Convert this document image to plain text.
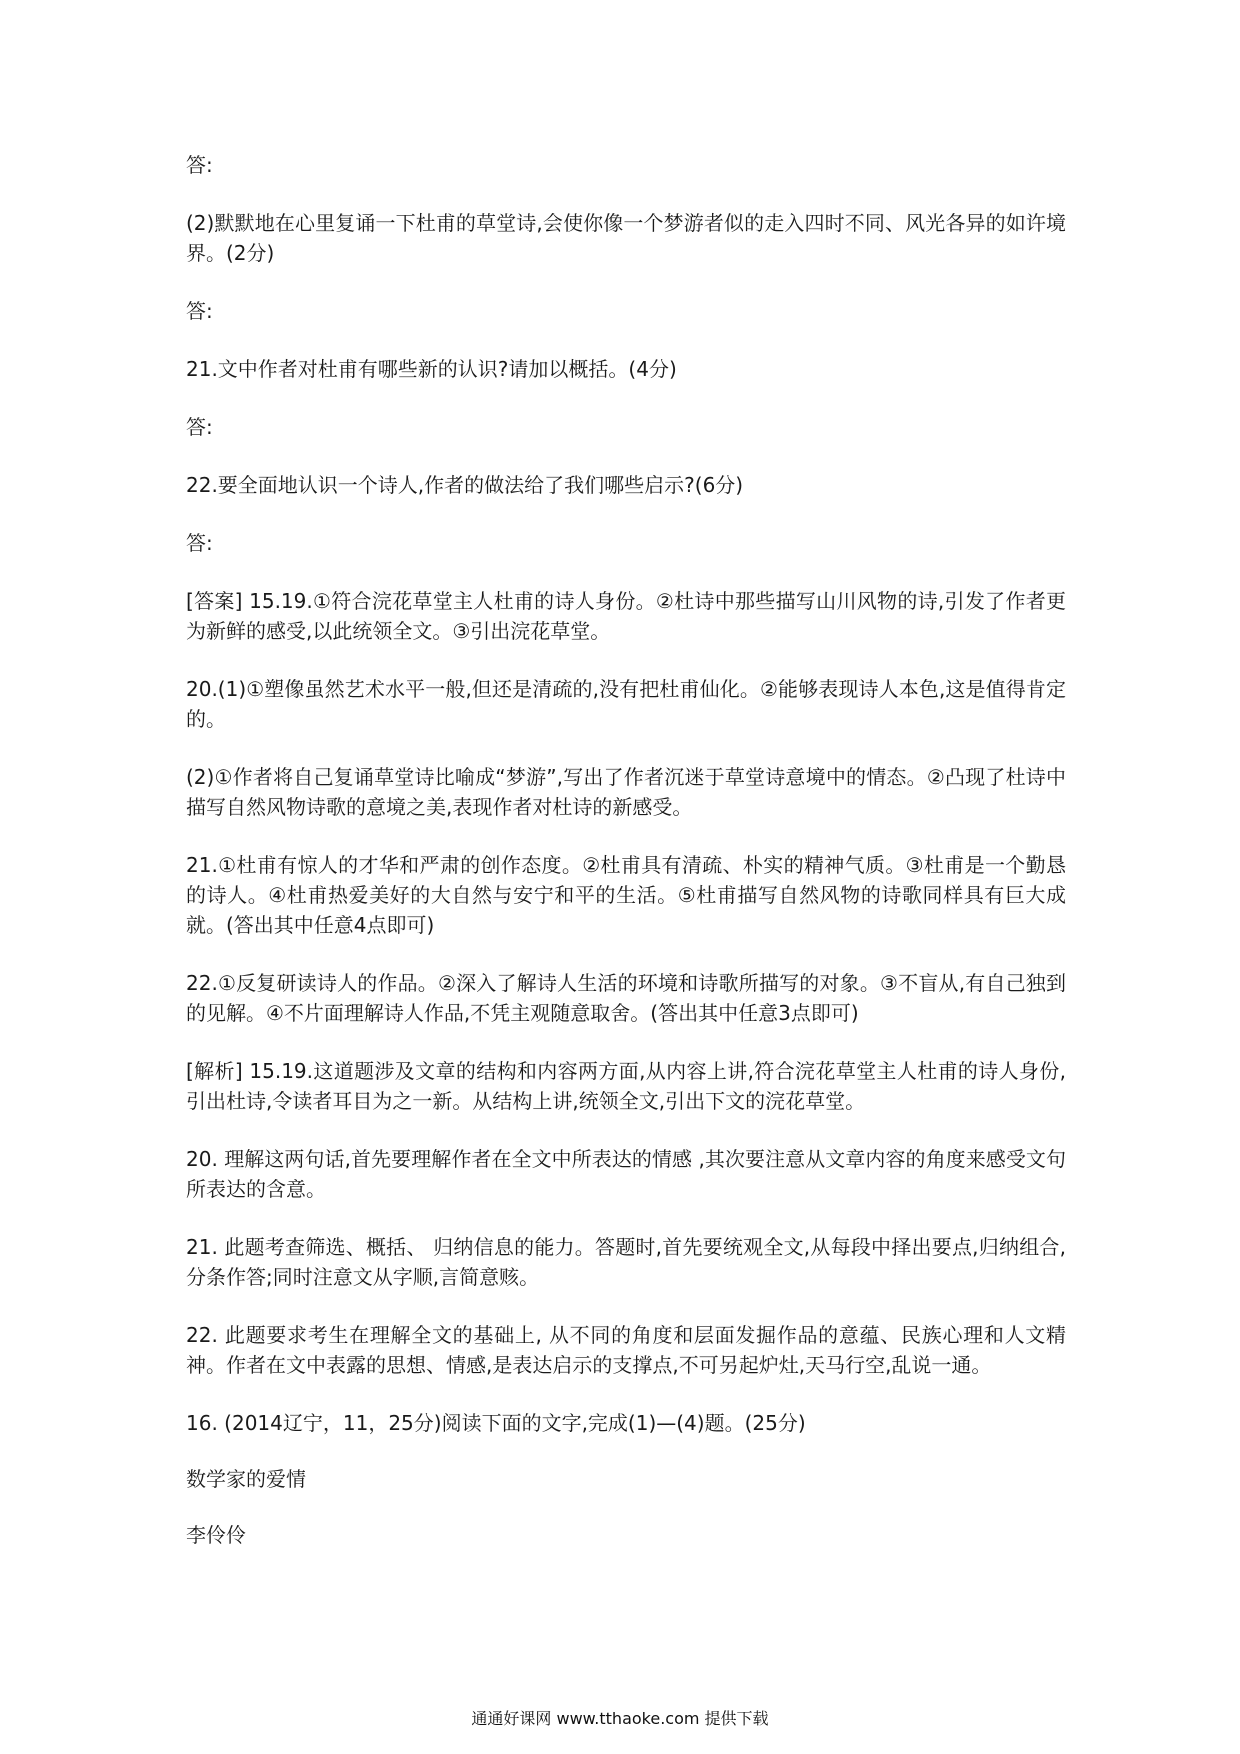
答:

(2)默默地在心里复诵一下杜甫的草堂诗,会使你像一个梦游者似的走入四时不同、风光各异的如许境界。(2分)

答:

21.文中作者对杜甫有哪些新的认识?请加以概括。(4分)

答:

22.要全面地认识一个诗人,作者的做法给了我们哪些启示?(6分)

答:

[答案] 15.19.①符合浣花草堂主人杜甫的诗人身份。②杜诗中那些描写山川风物的诗,引发了作者更为新鲜的感受,以此统领全文。③引出浣花草堂。

20.(1)①塑像虽然艺术水平一般,但还是清疏的,没有把杜甫仙化。②能够表现诗人本色,这是值得肯定的。

(2)①作者将自己复诵草堂诗比喻成“梦游”,写出了作者沉迷于草堂诗意境中的情态。②凸现了杜诗中描写自然风物诗歌的意境之美,表现作者对杜诗的新感受。

21.①杜甫有惊人的才华和严肃的创作态度。②杜甫具有清疏、朴实的精神气质。③杜甫是一个勤恳的诗人。④杜甫热爱美好的大自然与安宁和平的生活。⑤杜甫描写自然风物的诗歌同样具有巨大成就。(答出其中任意4点即可)

22.①反复研读诗人的作品。②深入了解诗人生活的环境和诗歌所描写的对象。③不盲从,有自己独到的见解。④不片面理解诗人作品,不凭主观随意取舍。(答出其中任意3点即可)

[解析] 15.19.这道题涉及文章的结构和内容两方面,从内容上讲,符合浣花草堂主人杜甫的诗人身份,引出杜诗,令读者耳目为之一新。从结构上讲,统领全文,引出下文的浣花草堂。

20. 理解这两句话,首先要理解作者在全文中所表达的情感 ,其次要注意从文章内容的角度来感受文句所表达的含意。

21. 此题考查筛选、概括、 归纳信息的能力。答题时,首先要统观全文,从每段中择出要点,归纳组合,分条作答;同时注意文从字顺,言简意赅。

22. 此题要求考生在理解全文的基础上, 从不同的角度和层面发掘作品的意蕴、民族心理和人文精神。作者在文中表露的思想、情感,是表达启示的支撑点,不可另起炉灶,天马行空,乱说一通。

16. (2014辽宁，11，25分)阅读下面的文字,完成(1)—(4)题。(25分)

数学家的爱情

李伶伶

通通好课网 www.tthaoke.com 提供下载
